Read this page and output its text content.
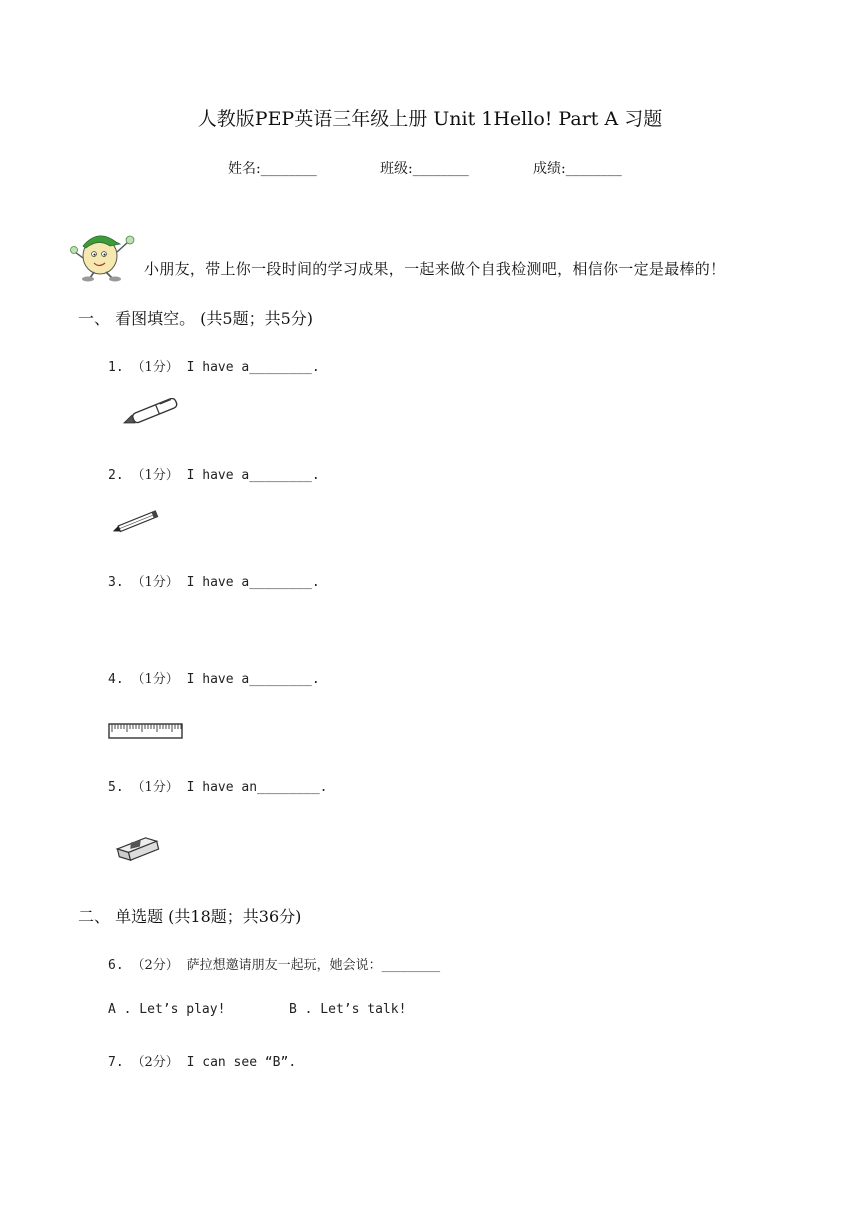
人教版PEP英语三年级上册 Unit 1Hello! Part A 习题
姓名:________	班级:________	成绩:________
小朋友，带上你一段时间的学习成果，一起来做个自我检测吧，相信你一定是最棒的！
一、 看图填空。 (共5题；共5分)
1. （1分） I have a________.
2. （1分） I have a________.
3. （1分） I have a________.
4. （1分） I have a________.
5. （1分） I have an________.
二、 单选题 (共18题；共36分)
6. （2分） 萨拉想邀请朋友一起玩，她会说：_________
A . Let’s play!	B . Let’s talk!
7. （2分） I can see “B”.
